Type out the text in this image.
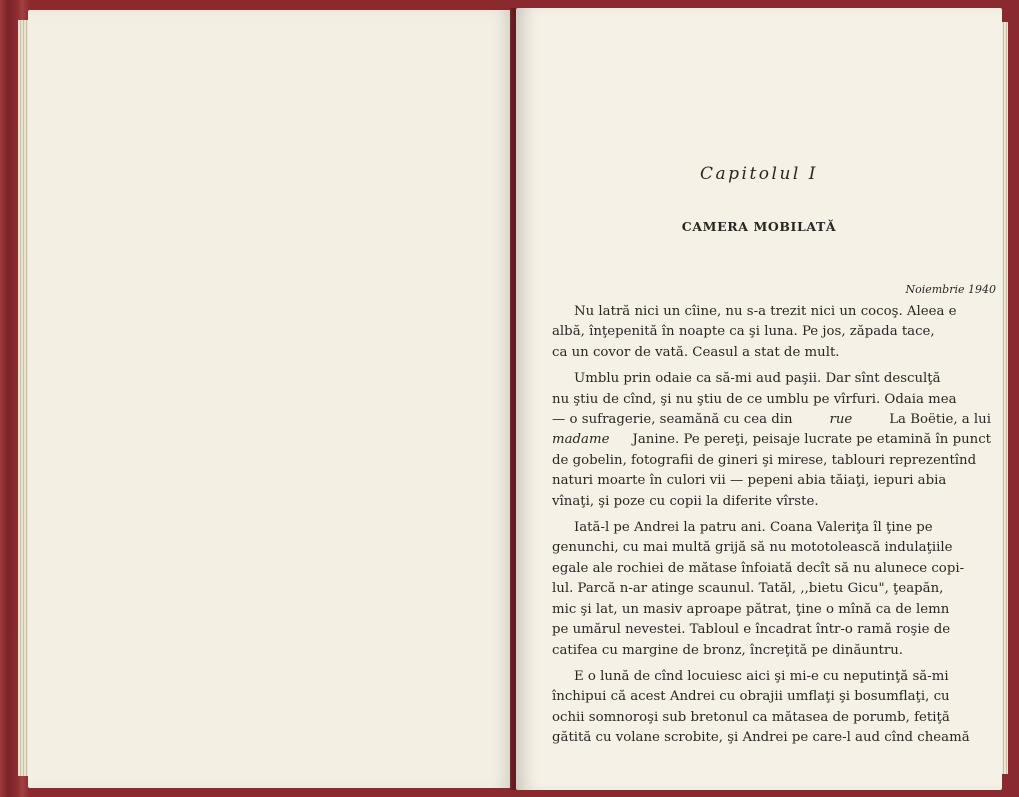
Capitolul I
CAMERA MOBILATĂ
Noiembrie 1940
Nu latră nici un cîine, nu s-a trezit nici un cocoş. Aleea e
albă, înţepenită în noapte ca şi luna. Pe jos, zăpada tace,
ca un covor de vată. Ceasul a stat de mult.
Umblu prin odaie ca să-mi aud paşii. Dar sînt desculţă
nu ştiu de cînd, şi nu ştiu de ce umblu pe vîrfuri. Odaia mea
— o sufragerie, seamănă cu cea din	rue	La Boëtie, a lui
madame
Janine. Pe pereţi, peisaje lucrate pe etamină în punct
de gobelin, fotografii de gineri şi mirese, tablouri reprezentînd
naturi moarte în culori vii — pepeni abia tăiaţi, iepuri abia
vînaţi, şi poze cu copii la diferite vîrste.
Iată-l pe Andrei la patru ani. Coana Valeriţa îl ţine pe
genunchi, cu mai multă grijă să nu mototolească indulaţiile
egale ale rochiei de mătase înfoiată decît să nu alunece copi-
lul. Parcă n-ar atinge scaunul. Tatăl, ,,bietu Gicu", ţeapăn,
mic şi lat, un masiv aproape pătrat, ţine o mînă ca de lemn
pe umărul nevestei. Tabloul e încadrat într-o ramă roşie de
catifea cu margine de bronz, încreţită pe dinăuntru.
E o lună de cînd locuiesc aici şi mi-e cu neputinţă să-mi
închipui că acest Andrei cu obrajii umflaţi şi bosumflaţi, cu
ochii somnoroşi sub bretonul ca mătasea de porumb, fetiţă
gătită cu volane scrobite, şi Andrei pe care-l aud cînd cheamă
